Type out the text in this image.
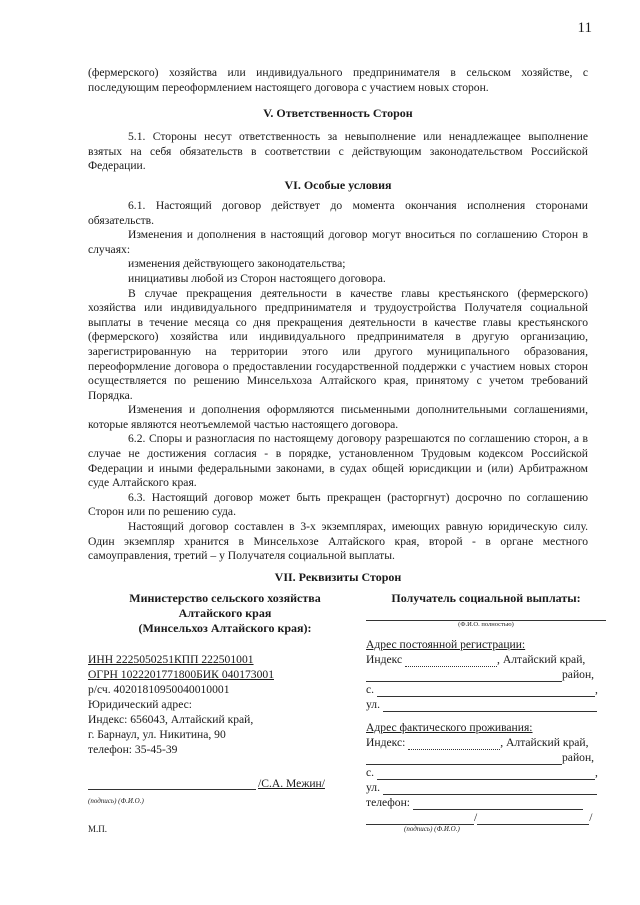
11

(фермерского) хозяйства или индивидуального предпринимателя в сельском хозяйстве, с последующим переоформлением настоящего договора с участием новых сторон.

V. Ответственность Сторон

5.1. Стороны несут ответственность за невыполнение или ненадлежащее выполнение взятых на себя обязательств в соответствии с действующим законодательством Российской Федерации.

VI. Особые условия

6.1. Настоящий договор действует до момента окончания исполнения сторонами обязательств.

Изменения и дополнения в настоящий договор могут вноситься по соглашению Сторон в случаях:

изменения действующего законодательства;

инициативы любой из Сторон настоящего договора.

В случае прекращения деятельности в качестве главы крестьянского (фермерского) хозяйства или индивидуального предпринимателя и трудоустройства Получателя социальной выплаты в течение месяца со дня прекращения деятельности в качестве главы крестьянского (фермерского) хозяйства или индивидуального предпринимателя в другую организацию, зарегистрированную на территории этого или другого муниципального образования, переоформление договора о предоставлении государственной поддержки с участием новых сторон осуществляется по решению Минсельхоза Алтайского края, принятому с учетом требований Порядка.

Изменения и дополнения оформляются письменными дополнительными соглашениями, которые являются неотъемлемой частью настоящего договора.

6.2. Споры и разногласия по настоящему договору разрешаются по соглашению сторон, а в случае не достижения согласия - в порядке, установленном Трудовым кодексом Российской Федерации и иными федеральными законами, в судах общей юрисдикции и (или) Арбитражном суде Алтайского края.

6.3. Настоящий договор может быть прекращен (расторгнут) досрочно по соглашению Сторон или по решению суда.

Настоящий договор составлен в 3-х экземплярах, имеющих равную юридическую силу. Один экземпляр хранится в Минсельхозе Алтайского края, второй - в органе местного самоуправления, третий – у Получателя социальной выплаты.

VII. Реквизиты Сторон
Министерство сельского хозяйства
Алтайского края
(Минсельхоз Алтайского края):
ИНН 2225050251КПП 222501001
ОГРН 1022201771800БИК 040173001
р/сч. 40201810950040010001
Юридический адрес:
Индекс: 656043, Алтайский край,
г. Барнаул, ул. Никитина, 90
телефон: 35-45-39
/С.А. Межин/
(подпись) (Ф.И.О.)
М.П.
Получатель социальной выплаты:
(Ф.И.О. полностью)
Адрес постоянной регистрации:
Индекс	, Алтайский край,
район,
с.	,
ул.
Адрес фактического проживания:
Индекс:	, Алтайский край,
район,
с.	,
ул.
телефон:
/	/
(подпись) (Ф.И.О.)
